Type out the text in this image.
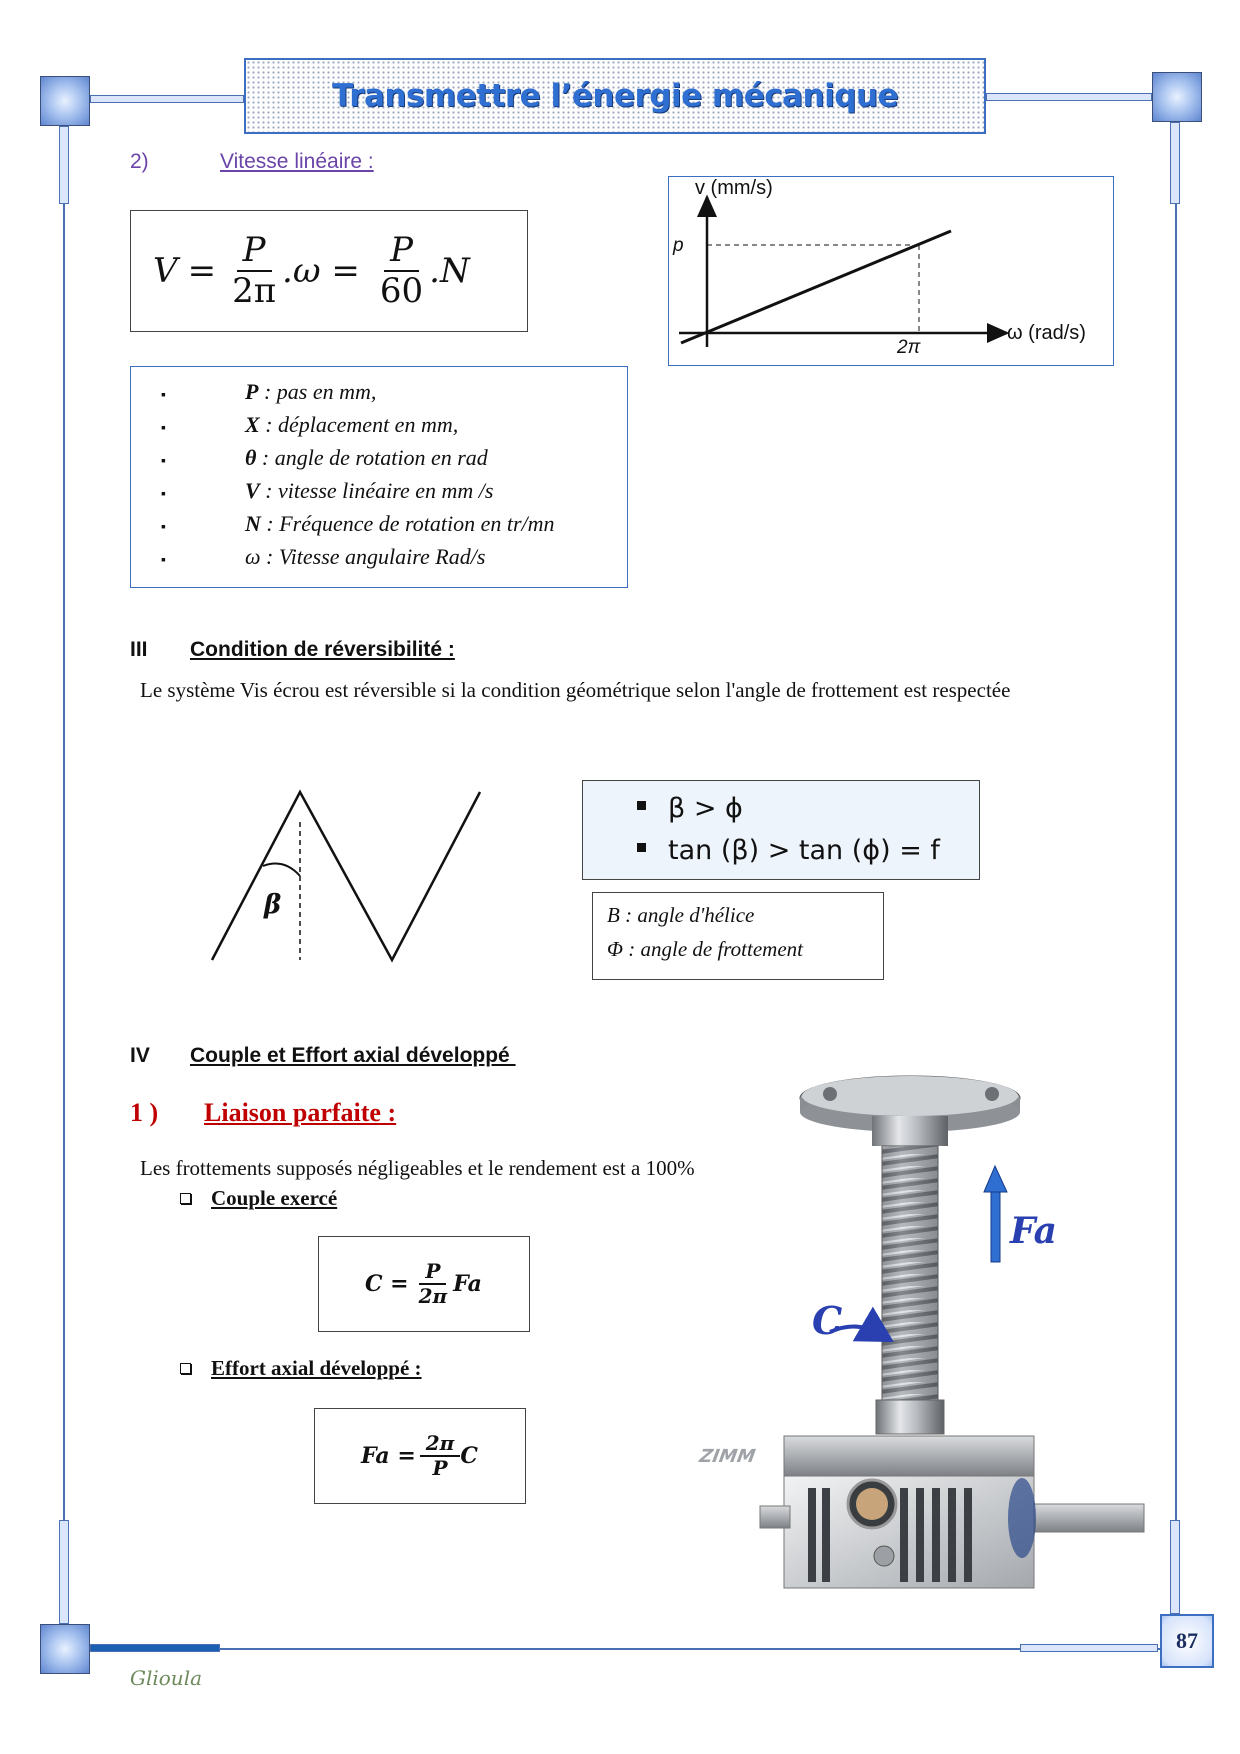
Transmettre l’énergie mécanique
2)	Vitesse linéaire :
$V = \frac{P}{2\pi} .\omega = \frac{P}{60} .N$
v (mm/s)
ω (rad/s)
p
2π
▪	P : pas en mm,
▪	X : déplacement en mm,
▪	θ : angle de rotation en rad
▪	V : vitesse linéaire en mm /s
▪	N : Fréquence de rotation en tr/mn
▪	ω : Vitesse angulaire Rad/s
III Condition de réversibilité :

Le système Vis écrou est réversible si la condition géométrique selon l'angle de frottement est respectée

β
β > ϕ
tan (β) > tan (ϕ) = f
B : angle d'hélice
Φ : angle de frottement
IV Couple et Effort axial développé
1 ) Liaison parfaite :
Les frottements supposés négligeables et le rendement est a 100%
Couple exercé
$C = \frac{P}{2\pi}$ Fa
Effort axial développé :
$Fa = \frac{2\pi}{P}$ C	ZIMM
Fa
C
87
Glioula
